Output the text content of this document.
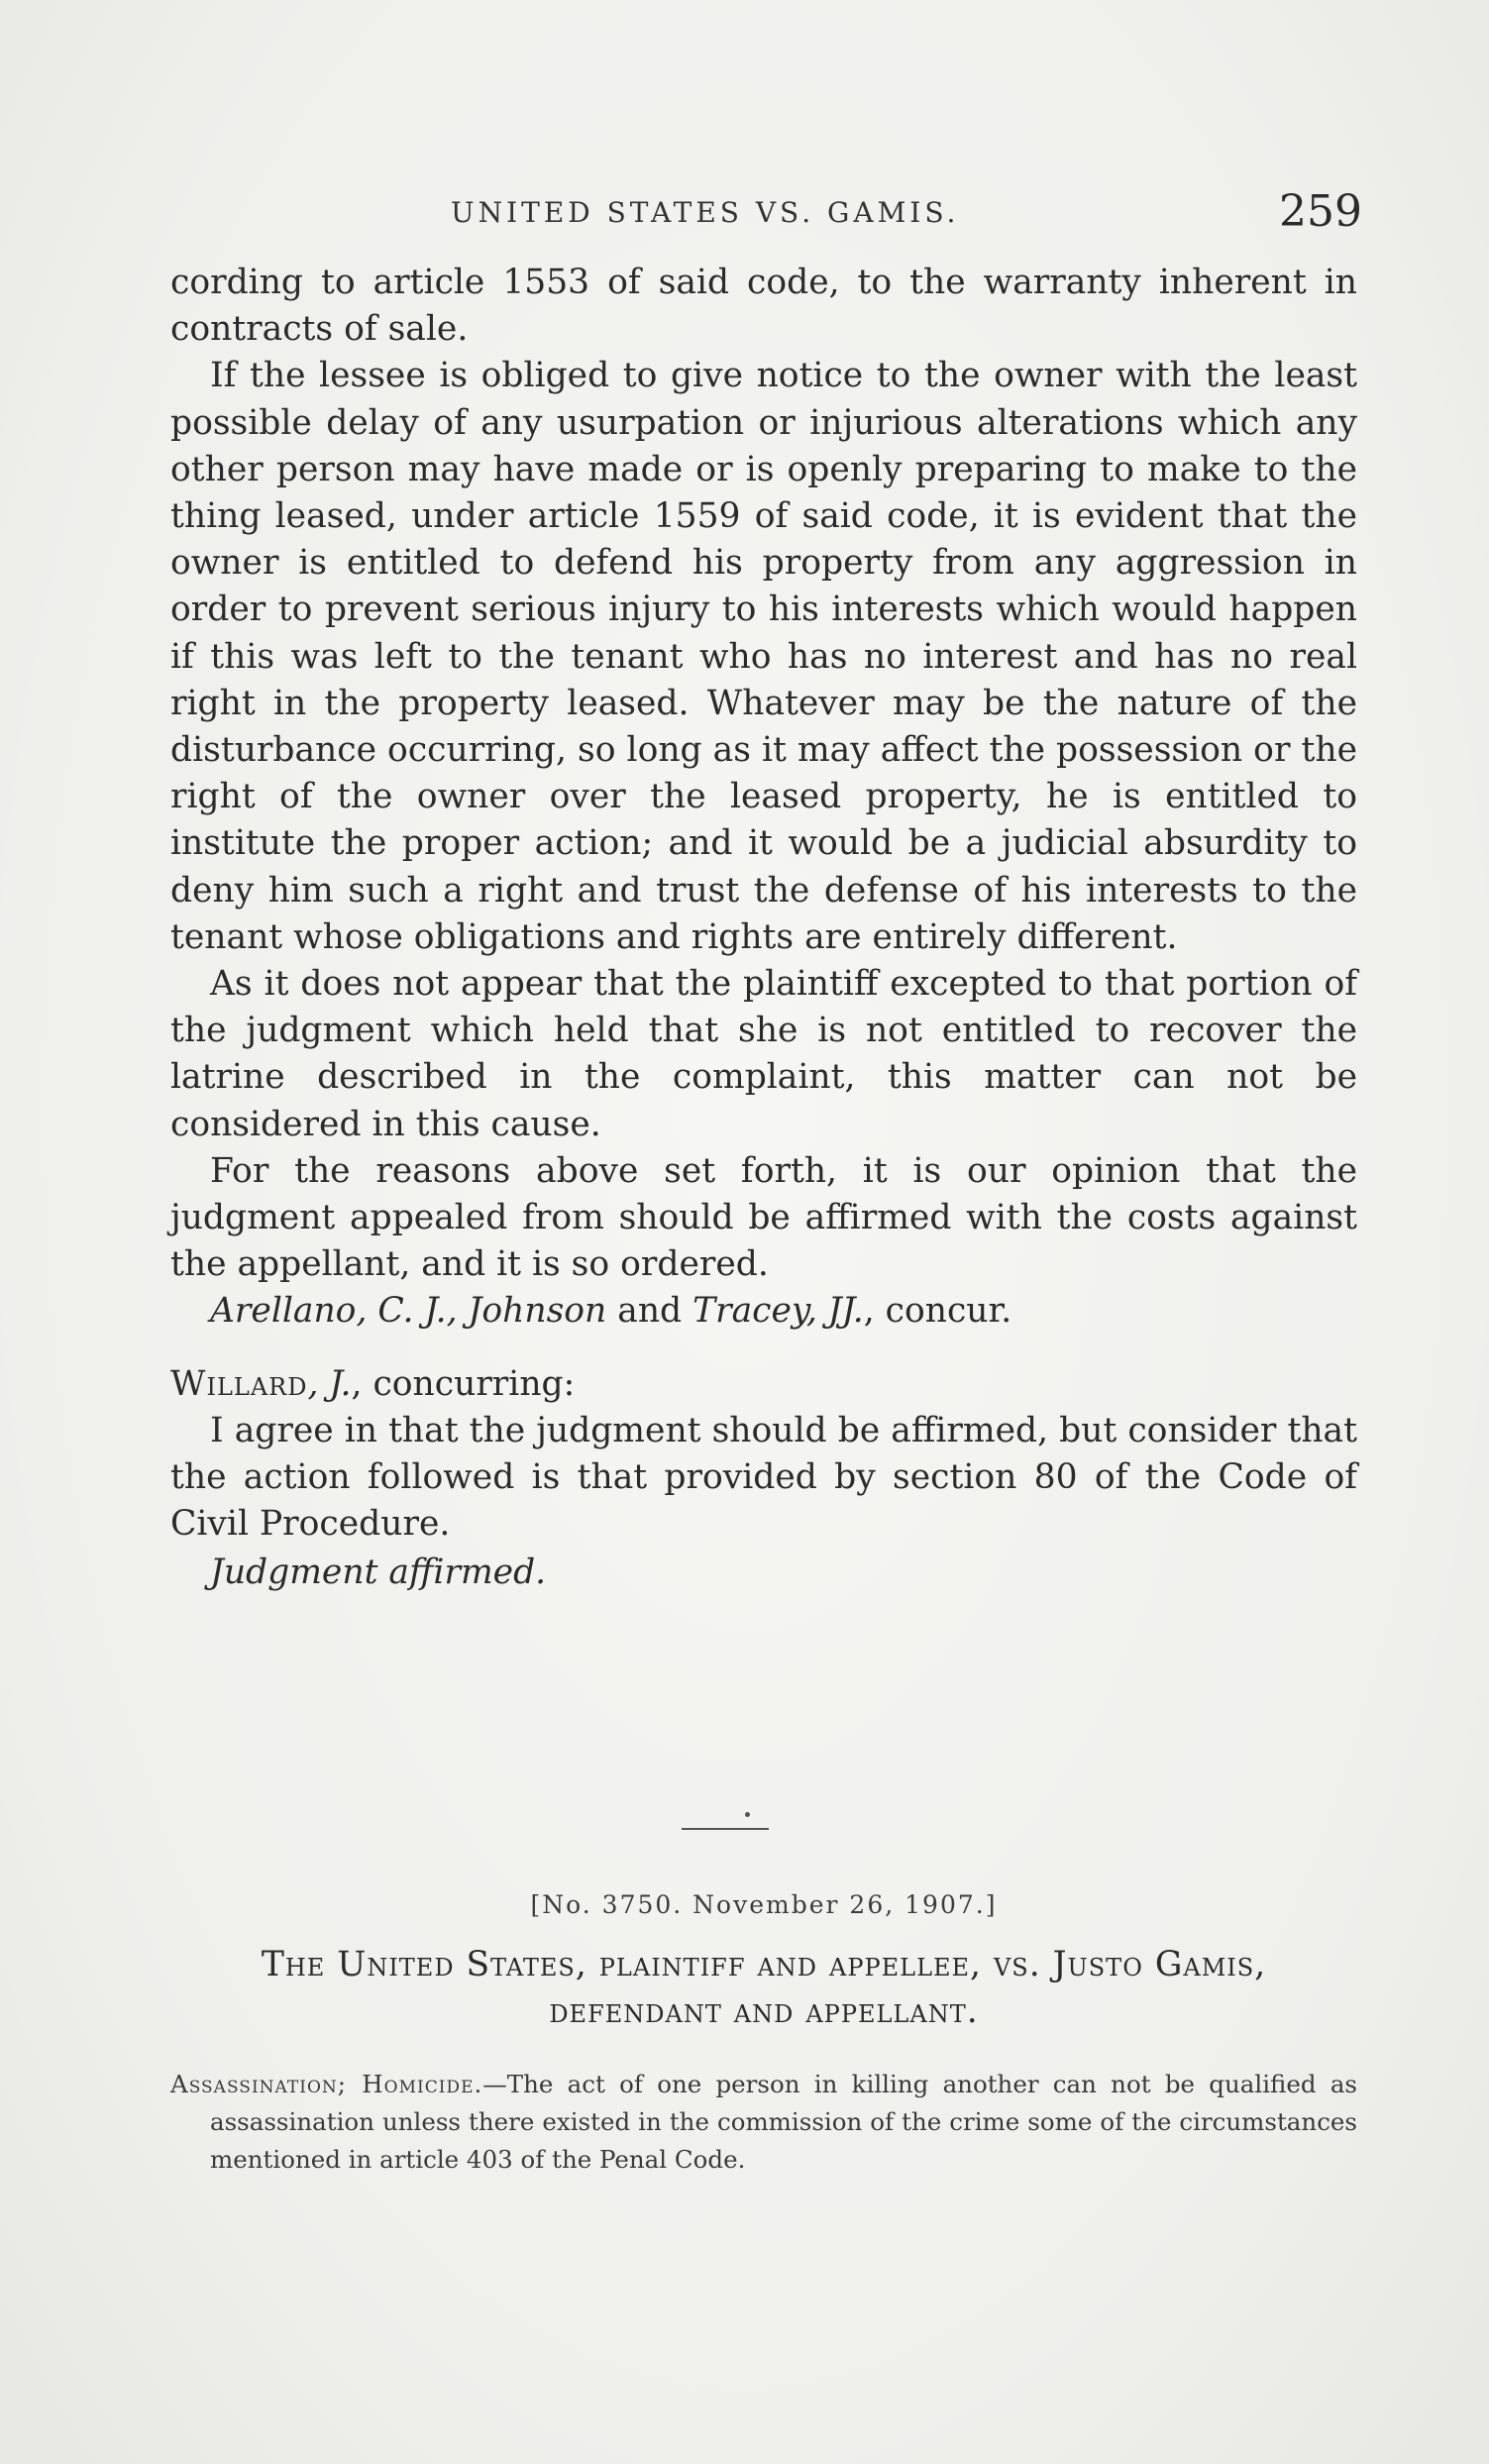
UNITED STATES VS. GAMIS.	259

cording to article 1553 of said code, to the warranty inherent in contracts of sale.

If the lessee is obliged to give notice to the owner with the least possible delay of any usurpation or injurious alterations which any other person may have made or is openly preparing to make to the thing leased, under article 1559 of said code, it is evident that the owner is entitled to defend his property from any aggression in order to prevent serious injury to his interests which would happen if this was left to the tenant who has no interest and has no real right in the property leased. Whatever may be the nature of the disturbance occurring, so long as it may affect the possession or the right of the owner over the leased property, he is entitled to institute the proper action; and it would be a judicial absurdity to deny him such a right and trust the defense of his interests to the tenant whose obligations and rights are entirely different.

As it does not appear that the plaintiff excepted to that portion of the judgment which held that she is not entitled to recover the latrine described in the complaint, this matter can not be considered in this cause.

For the reasons above set forth, it is our opinion that the judgment appealed from should be affirmed with the costs against the appellant, and it is so ordered.

Arellano, C. J., Johnson and Tracey, JJ., concur.

Willard, J., concurring:

I agree in that the judgment should be affirmed, but consider that the action followed is that provided by section 80 of the Code of Civil Procedure.

Judgment affirmed.

[No. 3750. November 26, 1907.]
The United States, plaintiff and appellee, vs. Justo Gamis, defendant and appellant.

Assassination; Homicide.—The act of one person in killing another can not be qualified as assassination unless there existed in the commission of the crime some of the circumstances mentioned in article 403 of the Penal Code.
